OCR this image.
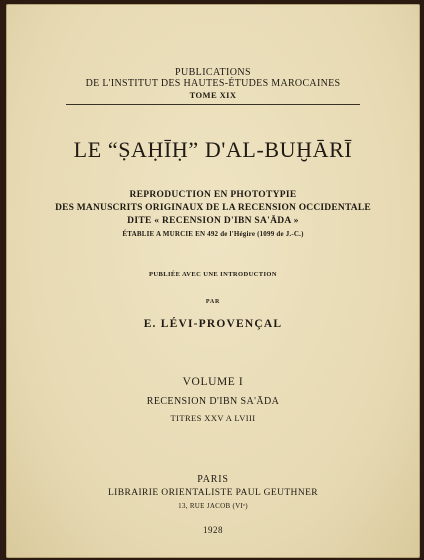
PUBLICATIONS
DE L'INSTITUT DES HAUTES-ÉTUDES MAROCAINES
TOME XIX
LE “ṢAḤĪḤ” D'AL-BUḪĀRĪ
REPRODUCTION EN PHOTOTYPIE
DES MANUSCRITS ORIGINAUX DE LA RECENSION OCCIDENTALE
DITE « RECENSION D'IBN SA'ĀDA »
ÉTABLIE A MURCIE EN 492 de l'Hégire (1099 de J.-C.)
PUBLIÉE AVEC UNE INTRODUCTION
PAR
E. LÉVI-PROVENÇAL
VOLUME I
RECENSION D'IBN SA'ĀDA
TITRES XXV A LVIII
PARIS
LIBRAIRIE ORIENTALISTE PAUL GEUTHNER
13, RUE JACOB (VIᵉ)
1928
